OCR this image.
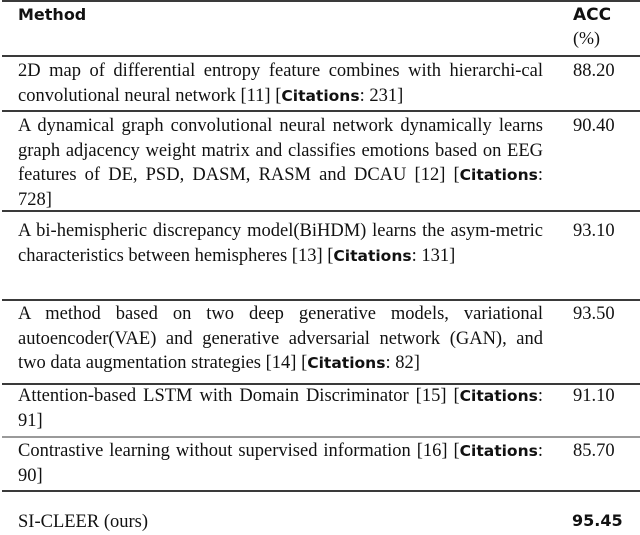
Method	ACC
(%)
2D map of differential entropy feature combines with hierarchi-cal convolutional neural network [11] [Citations: 231]
88.20
A dynamical graph convolutional neural network dynamically learns graph adjacency weight matrix and classifies emotions based on EEG features of DE, PSD, DASM, RASM and DCAU [12] [Citations: 728]
90.40
A bi-hemispheric discrepancy model(BiHDM) learns the asym-metric characteristics between hemispheres [13] [Citations: 131]
93.10
A method based on two deep generative models, variational autoencoder(VAE) and generative adversarial network (GAN), and two data augmentation strategies [14] [Citations: 82]
93.50
Attention-based LSTM with Domain Discriminator [15] [Citations: 91]
91.10
Contrastive learning without supervised information [16] [Citations: 90]
85.70
SI-CLEER (ours)	95.45
